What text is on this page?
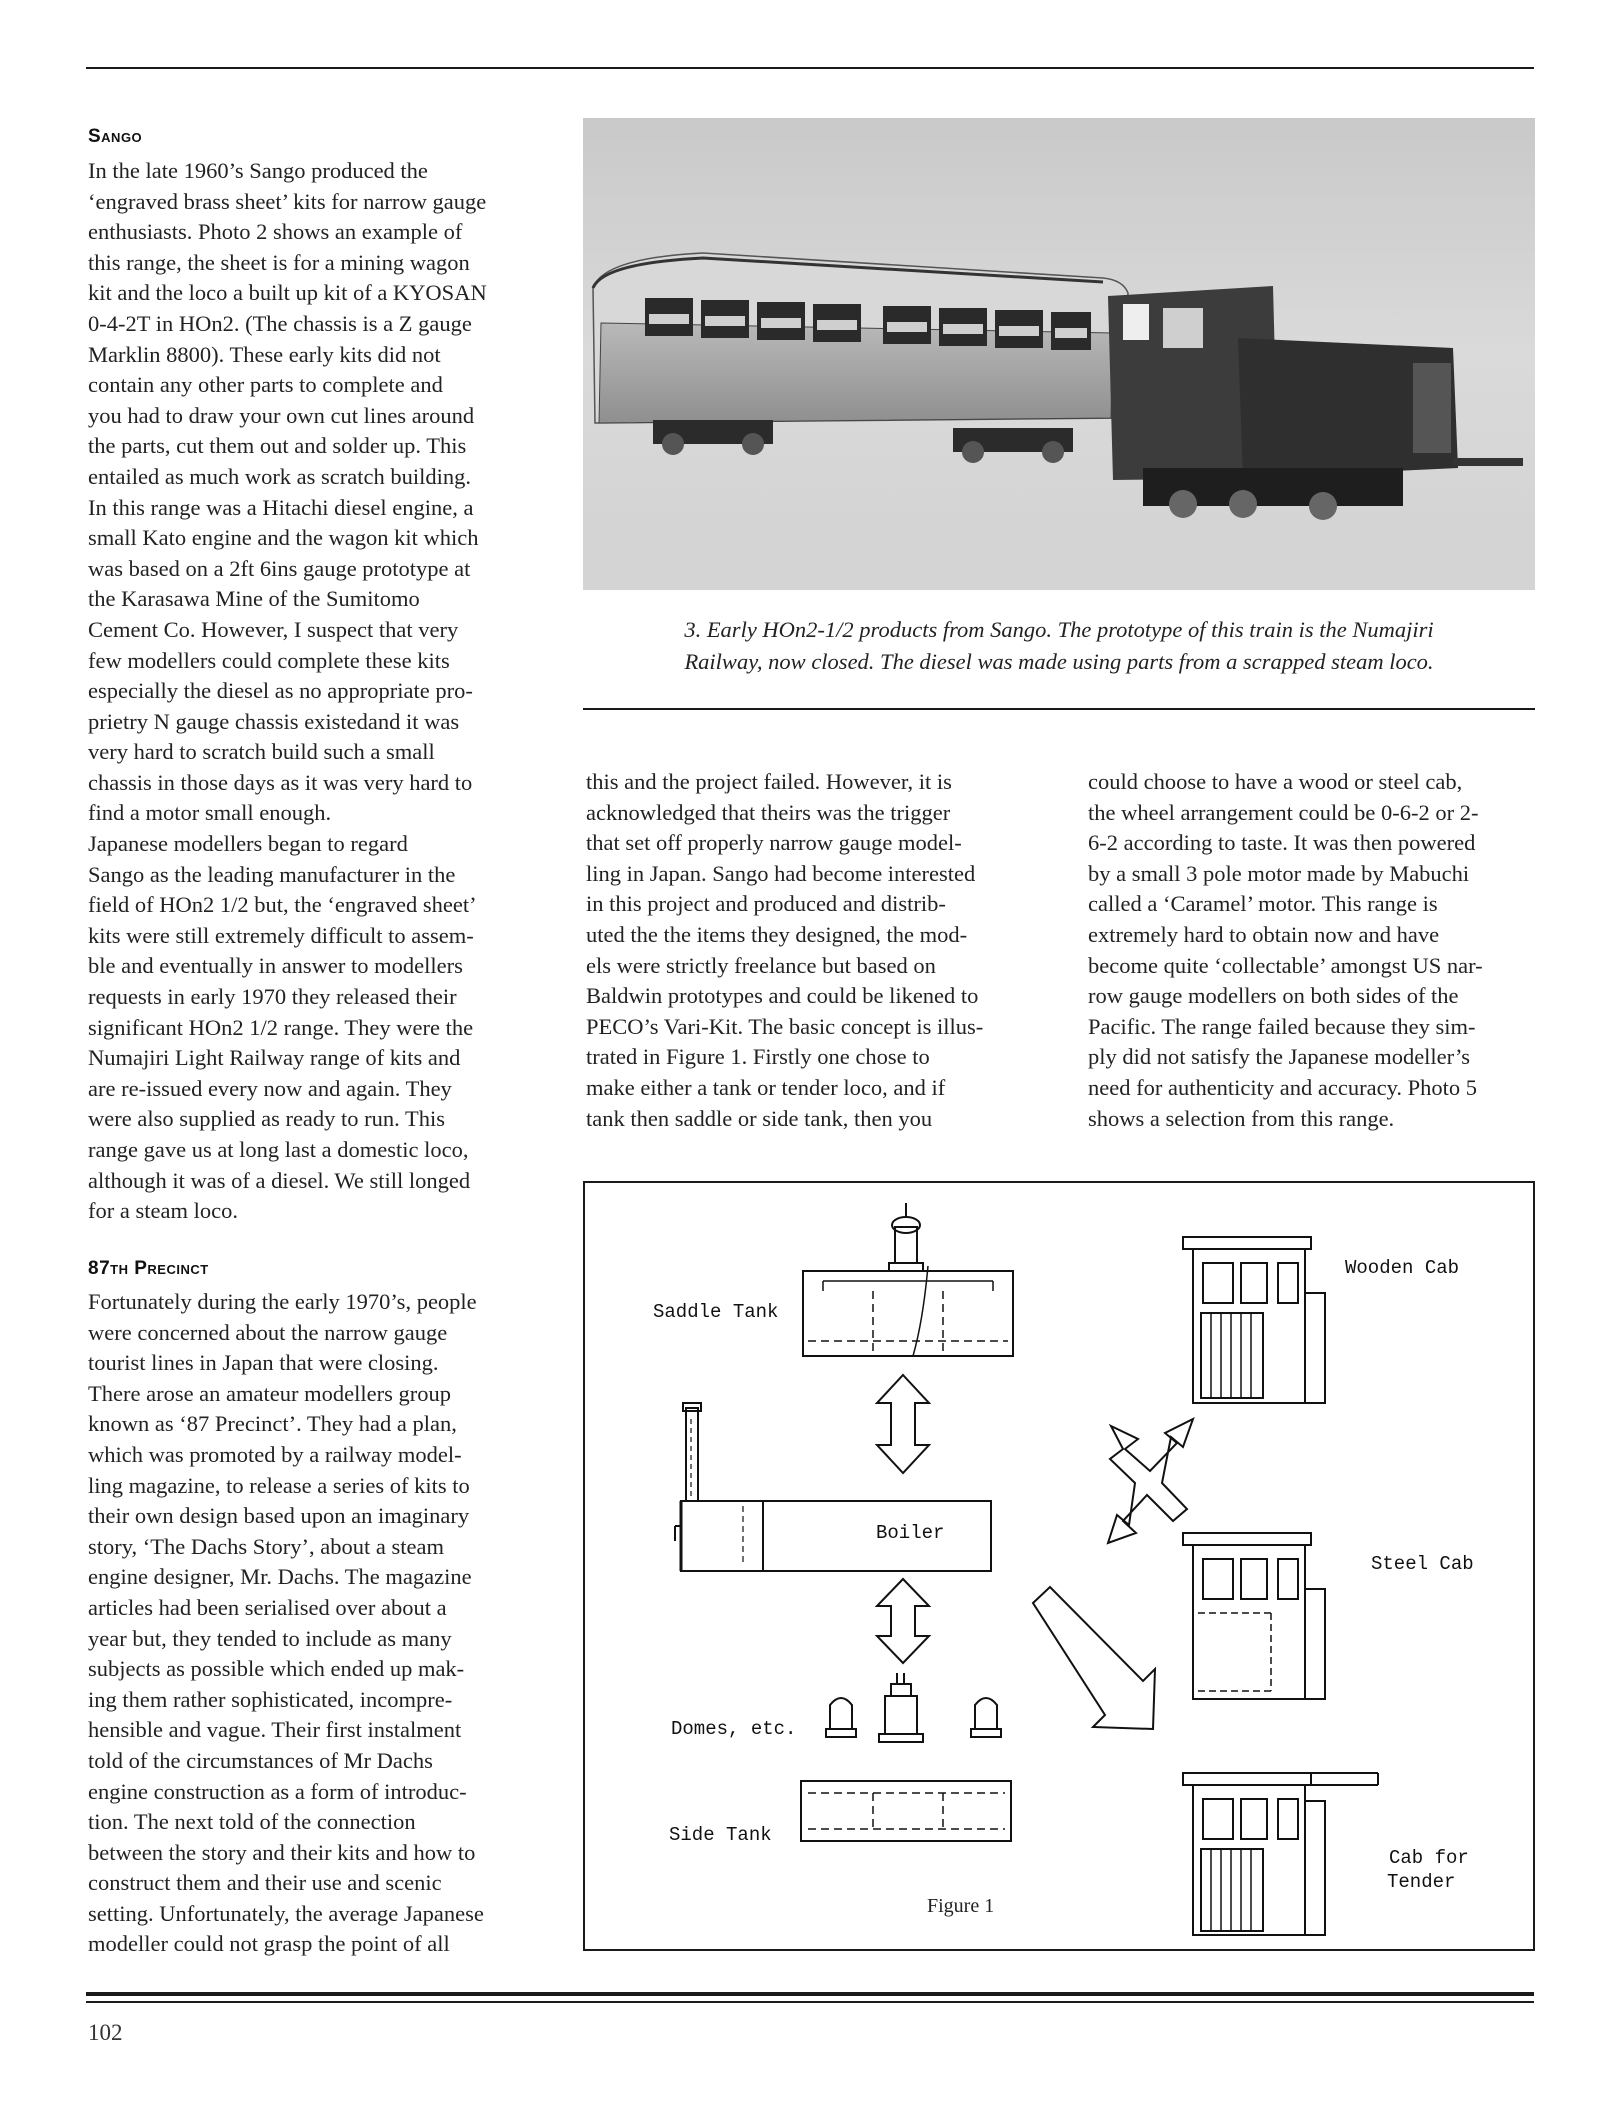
Sango

In the late 1960’s Sango produced the
‘engraved brass sheet’ kits for narrow gauge
enthusiasts. Photo 2 shows an example of
this range, the sheet is for a mining wagon
kit and the loco a built up kit of a KYOSAN
0-4-2T in HOn2. (The chassis is a Z gauge
Marklin 8800). These early kits did not
contain any other parts to complete and
you had to draw your own cut lines around
the parts, cut them out and solder up. This
entailed as much work as scratch building.
In this range was a Hitachi diesel engine, a
small Kato engine and the wagon kit which
was based on a 2ft 6ins gauge prototype at
the Karasawa Mine of the Sumitomo
Cement Co. However, I suspect that very
few modellers could complete these kits
especially the diesel as no appropriate pro-
prietry N gauge chassis existedand it was
very hard to scratch build such a small
chassis in those days as it was very hard to
find a motor small enough.
Japanese modellers began to regard
Sango as the leading manufacturer in the
field of HOn2 1/2 but, the ‘engraved sheet’
kits were still extremely difficult to assem-
ble and eventually in answer to modellers
requests in early 1970 they released their
significant HOn2 1/2 range. They were the
Numajiri Light Railway range of kits and
are re-issued every now and again. They
were also supplied as ready to run. This
range gave us at long last a domestic loco,
although it was of a diesel. We still longed
for a steam loco.

87th Precinct

Fortunately during the early 1970’s, people
were concerned about the narrow gauge
tourist lines in Japan that were closing.
There arose an amateur modellers group
known as ‘87 Precinct’. They had a plan,
which was promoted by a railway model-
ling magazine, to release a series of kits to
their own design based upon an imaginary
story, ‘The Dachs Story’, about a steam
engine designer, Mr. Dachs. The magazine
articles had been serialised over about a
year but, they tended to include as many
subjects as possible which ended up mak-
ing them rather sophisticated, incompre-
hensible and vague. Their first instalment
told of the circumstances of Mr Dachs
engine construction as a form of introduc-
tion. The next told of the connection
between the story and their kits and how to
construct them and their use and scenic
setting. Unfortunately, the average Japanese
modeller could not grasp the point of all

this and the project failed. However, it is
acknowledged that theirs was the trigger
that set off properly narrow gauge model-
ling in Japan. Sango had become interested
in this project and produced and distrib-
uted the the items they designed, the mod-
els were strictly freelance but based on
Baldwin prototypes and could be likened to
PECO’s Vari-Kit. The basic concept is illus-
trated in Figure 1. Firstly one chose to
make either a tank or tender loco, and if
tank then saddle or side tank, then you

could choose to have a wood or steel cab,
the wheel arrangement could be 0-6-2 or 2-
6-2 according to taste. It was then powered
by a small 3 pole motor made by Mabuchi
called a ‘Caramel’ motor. This range is
extremely hard to obtain now and have
become quite ‘collectable’ amongst US nar-
row gauge modellers on both sides of the
Pacific. The range failed because they sim-
ply did not satisfy the Japanese modeller’s
need for authenticity and accuracy. Photo 5
shows a selection from this range.

3. Early HOn2-1/2 products from Sango. The prototype of this train is the Numajiri
Railway, now closed. The diesel was made using parts from a scrapped steam loco.

Saddle Tank
Boiler
Domes, etc.
Side Tank
Wooden Cab
Steel Cab
Cab for
Tender
Figure 1
102
